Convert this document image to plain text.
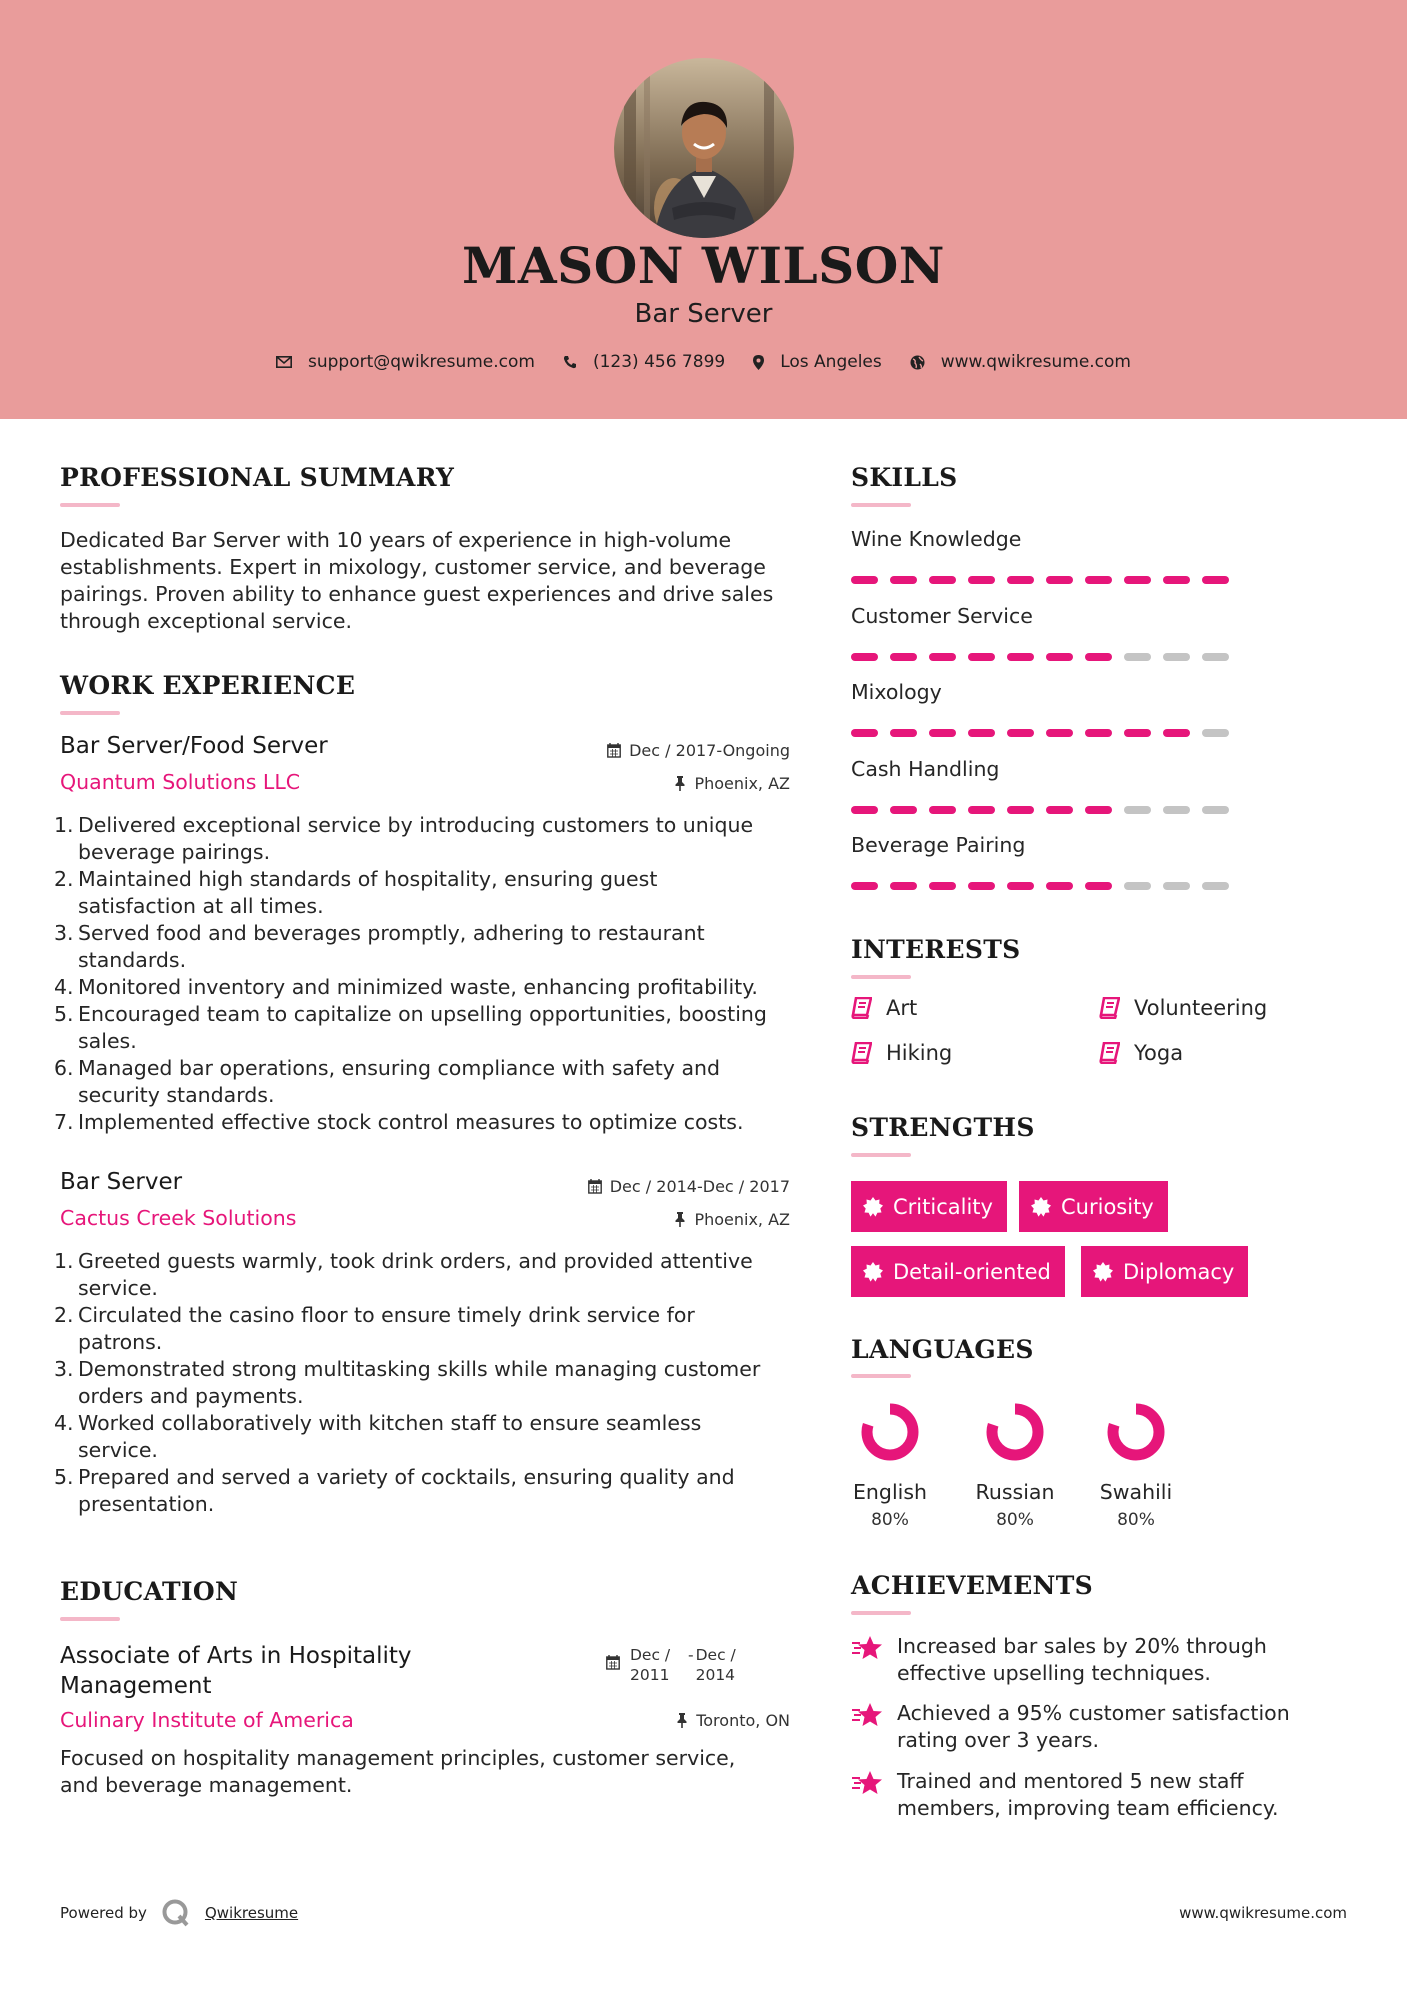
MASON WILSON
Bar Server
support@qwikresume.com	(123) 456 7899	Los Angeles	www.qwikresume.com
PROFESSIONAL SUMMARY
Dedicated Bar Server with 10 years of experience in high-volume
establishments. Expert in mixology, customer service, and beverage
pairings. Proven ability to enhance guest experiences and drive sales
through exceptional service.
WORK EXPERIENCE
Bar Server/Food Server	Dec / 2017-Ongoing
Quantum Solutions LLC	Phoenix, AZ
1. Delivered exceptional service by introducing customers to unique
beverage pairings.
2. Maintained high standards of hospitality, ensuring guest
satisfaction at all times.
3. Served food and beverages promptly, adhering to restaurant
standards.
4. Monitored inventory and minimized waste, enhancing profitability.
5. Encouraged team to capitalize on upselling opportunities, boosting
sales.
6. Managed bar operations, ensuring compliance with safety and
security standards.
7. Implemented effective stock control measures to optimize costs.
Bar Server	Dec / 2014-Dec / 2017
Cactus Creek Solutions	Phoenix, AZ
1. Greeted guests warmly, took drink orders, and provided attentive
service.
2. Circulated the casino floor to ensure timely drink service for
patrons.
3. Demonstrated strong multitasking skills while managing customer
orders and payments.
4. Worked collaboratively with kitchen staff to ensure seamless
service.
5. Prepared and served a variety of cocktails, ensuring quality and
presentation.
EDUCATION
Associate of Arts in Hospitality
Management
Dec /
2011
- Dec /
2014
Culinary Institute of America	Toronto, ON
Focused on hospitality management principles, customer service,
and beverage management.
SKILLS
Wine Knowledge
Customer Service
Mixology
Cash Handling
Beverage Pairing
INTERESTS
Art	Volunteering
Hiking	Yoga
STRENGTHS
Criticality	Curiosity
Detail-oriented	Diplomacy
LANGUAGES
English
80%
Russian
80%
Swahili
80%
ACHIEVEMENTS
Increased bar sales by 20% through
effective upselling techniques.
Achieved a 95% customer satisfaction
rating over 3 years.
Trained and mentored 5 new staff
members, improving team efficiency.
Powered by	Qwikresume	www.qwikresume.com
